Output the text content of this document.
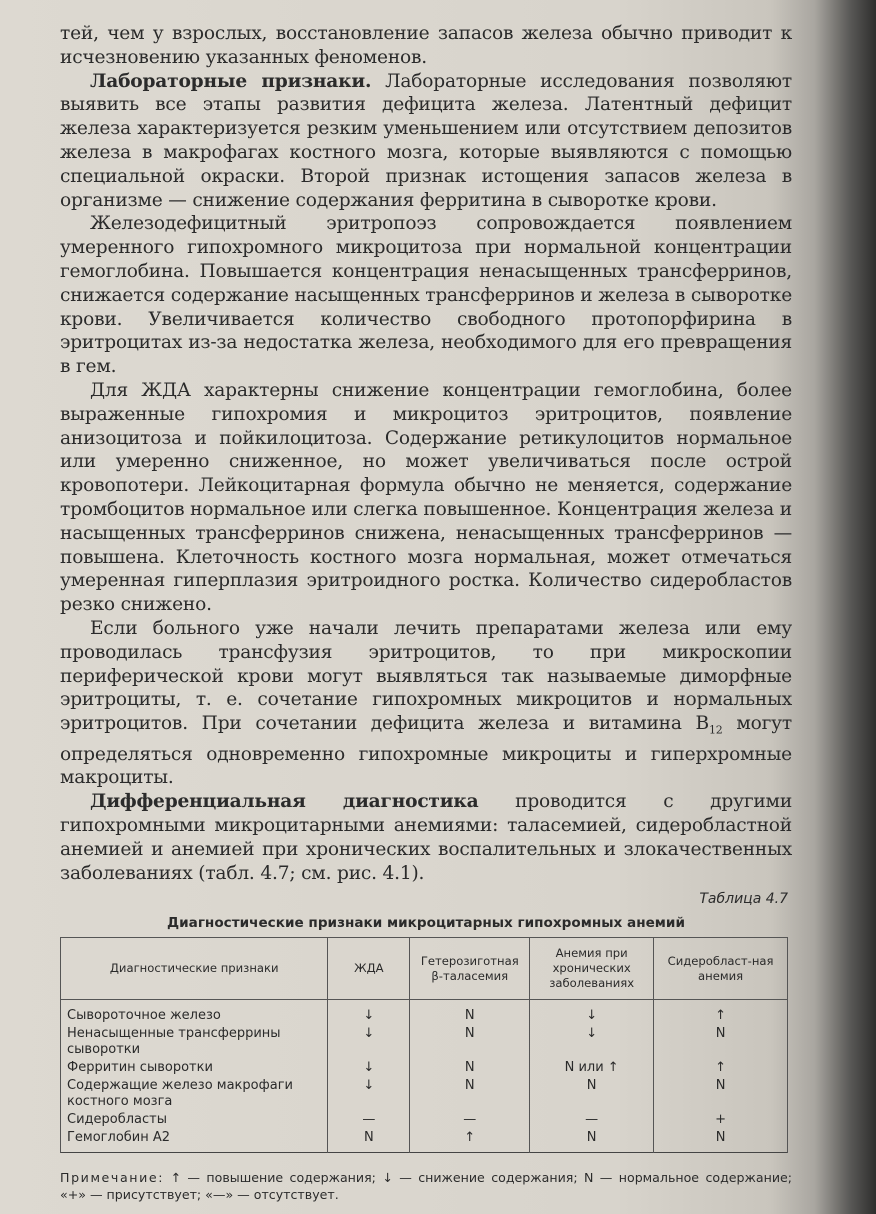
тей, чем у взрослых, восстановление запасов железа обычно приводит к исчезновению указанных феноменов.

Лабораторные признаки. Лабораторные исследования позволяют выявить все этапы развития дефицита железа. Латентный дефицит железа характеризуется резким уменьшением или отсутствием депозитов железа в макрофагах костного мозга, которые выявляются с помощью специальной окраски. Второй признак истощения запасов железа в организме — снижение содержания ферритина в сыворотке крови.

Железодефицитный эритропоэз сопровождается появлением умеренного гипохромного микроцитоза при нормальной концентрации гемоглобина. Повышается концентрация ненасыщенных трансферринов, снижается содержание насыщенных трансферринов и железа в сыворотке крови. Увеличивается количество свободного протопорфирина в эритроцитах из-за недостатка железа, необходимого для его превращения в гем.

Для ЖДА характерны снижение концентрации гемоглобина, более выраженные гипохромия и микроцитоз эритроцитов, появление анизоцитоза и пойкилоцитоза. Содержание ретикулоцитов нормальное или умеренно сниженное, но может увеличиваться после острой кровопотери. Лейкоцитарная формула обычно не меняется, содержание тромбоцитов нормальное или слегка повышенное. Концентрация железа и насыщенных трансферринов снижена, ненасыщенных трансферринов — повышена. Клеточность костного мозга нормальная, может отмечаться умеренная гиперплазия эритроидного ростка. Количество сидеробластов резко снижено.

Если больного уже начали лечить препаратами железа или ему проводилась трансфузия эритроцитов, то при микроскопии периферической крови могут выявляться так называемые диморфные эритроциты, т. е. сочетание гипохромных микроцитов и нормальных эритроцитов. При сочетании дефицита железа и витамина $B_{12}$ могут определяться одновременно гипохромные микроциты и гиперхромные макроциты.

Дифференциальная диагностика проводится с другими гипохромными микроцитарными анемиями: таласемией, сидеробластной анемией и анемией при хронических воспалительных и злокачественных заболеваниях (табл. 4.7; см. рис. 4.1).

Таблица 4.7
Диагностические признаки микроцитарных гипохромных анемий
Диагностические признаки	ЖДА	Гетерозиготная β-таласемия	Анемия при хронических заболеваниях	Сидеробласт-ная анемия
Сывороточное железо	↓	N	↓	↑
Ненасыщенные трансферрины сыворотки	↓	N	↓	N
Ферритин сыворотки	↓	N	N или ↑	↑
Содержащие железо макрофаги костного мозга	↓	N	N	N
Сидеробласты	—	—	—	+
Гемоглобин А2	N	↑	N	N
Примечание: ↑ — повышение содержания; ↓ — снижение содержания; N — нормальное содержание; «+» — присутствует; «—» — отсутствует.
